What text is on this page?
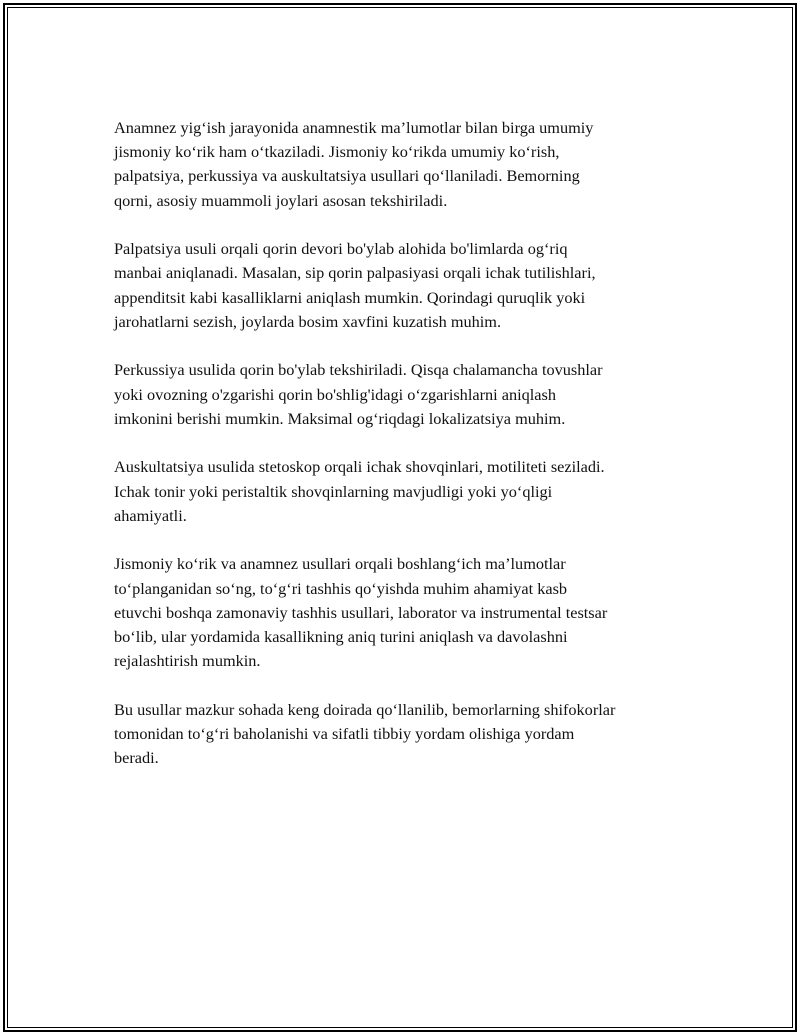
Anamnez yig‘ish jarayonida anamnestik ma’lumotlar bilan birga umumiy
jismoniy ko‘rik ham o‘tkaziladi. Jismoniy ko‘rikda umumiy ko‘rish,
palpatsiya, perkussiya va auskultatsiya usullari qo‘llaniladi. Bemorning
qorni, asosiy muammoli joylari asosan tekshiriladi.

Palpatsiya usuli orqali qorin devori bo'ylab alohida bo'limlarda og‘riq
manbai aniqlanadi. Masalan, sip qorin palpasiyasi orqali ichak tutilishlari,
appenditsit kabi kasalliklarni aniqlash mumkin. Qorindagi quruqlik yoki
jarohatlarni sezish, joylarda bosim xavfini kuzatish muhim.

Perkussiya usulida qorin bo'ylab tekshiriladi. Qisqa chalamancha tovushlar
yoki ovozning o'zgarishi qorin bo'shlig'idagi o‘zgarishlarni aniqlash
imkonini berishi mumkin. Maksimal og‘riqdagi lokalizatsiya muhim.

Auskultatsiya usulida stetoskop orqali ichak shovqinlari, motiliteti seziladi.
Ichak tonir yoki peristaltik shovqinlarning mavjudligi yoki yo‘qligi
ahamiyatli.

Jismoniy ko‘rik va anamnez usullari orqali boshlang‘ich ma’lumotlar
to‘planganidan so‘ng, to‘g‘ri tashhis qo‘yishda muhim ahamiyat kasb
etuvchi boshqa zamonaviy tashhis usullari, laborator va instrumental testsar
bo‘lib, ular yordamida kasallikning aniq turini aniqlash va davolashni
rejalashtirish mumkin.

Bu usullar mazkur sohada keng doirada qo‘llanilib, bemorlarning shifokorlar
tomonidan to‘g‘ri baholanishi va sifatli tibbiy yordam olishiga yordam
beradi.
